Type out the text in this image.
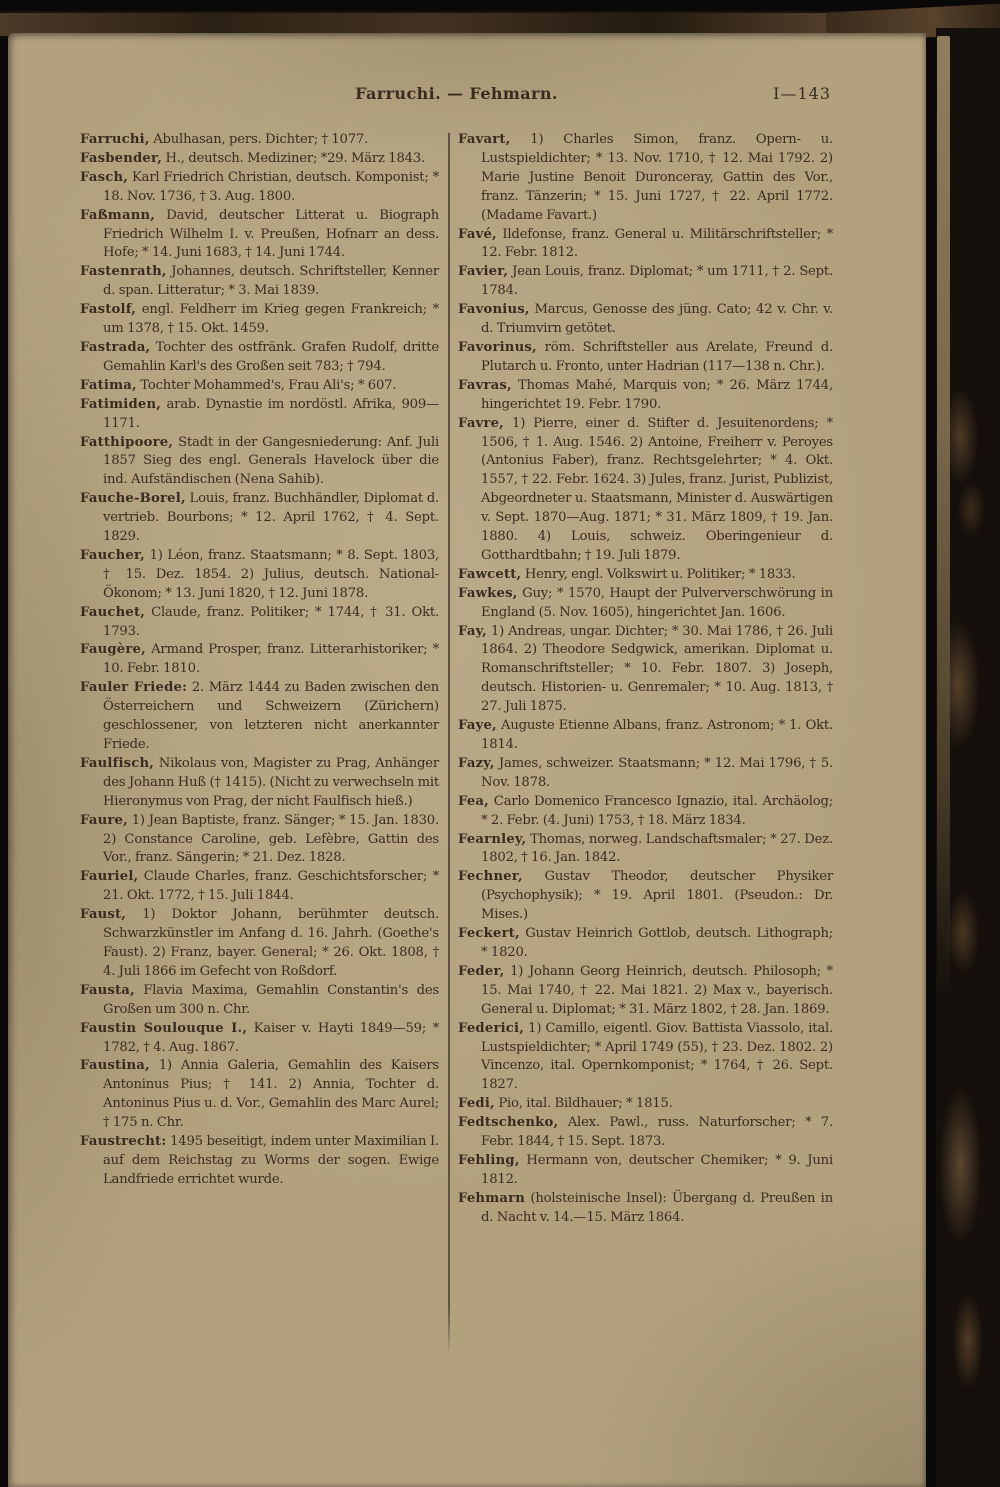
Farruchi. — Fehmarn.	I—143

Farruchi, Abulhasan, pers. Dichter; † 1077.

Fasbender, H., deutsch. Mediziner; *29. März 1843.

Fasch, Karl Friedrich Christian, deutsch. Komponist; * 18. Nov. 1736, † 3. Aug. 1800.

Faßmann, David, deutscher Litterat u. Biograph Friedrich Wilhelm I. v. Preußen, Hofnarr an dess. Hofe; * 14. Juni 1683, † 14. Juni 1744.

Fastenrath, Johannes, deutsch. Schriftsteller, Kenner d. span. Litteratur; * 3. Mai 1839.

Fastolf, engl. Feldherr im Krieg gegen Frankreich; * um 1378, † 15. Okt. 1459.

Fastrada, Tochter des ostfränk. Grafen Rudolf, dritte Gemahlin Karl's des Großen seit 783; † 794.

Fatima, Tochter Mohammed's, Frau Ali's; * 607.

Fatimiden, arab. Dynastie im nordöstl. Afrika, 909—1171.

Fatthipoore, Stadt in der Gangesniederung: Anf. Juli 1857 Sieg des engl. Generals Havelock über die ind. Aufständischen (Nena Sahib).

Fauche-Borel, Louis, franz. Buchhändler, Diplomat d. vertrieb. Bourbons; * 12. April 1762, † 4. Sept. 1829.

Faucher, 1) Léon, franz. Staatsmann; * 8. Sept. 1803, † 15. Dez. 1854. 2) Julius, deutsch. National-Ökonom; * 13. Juni 1820, † 12. Juni 1878.

Fauchet, Claude, franz. Politiker; * 1744, † 31. Okt. 1793.

Faugère, Armand Prosper, franz. Litterarhistoriker; * 10. Febr. 1810.

Fauler Friede: 2. März 1444 zu Baden zwischen den Österreichern und Schweizern (Zürichern) geschlossener, von letzteren nicht anerkannter Friede.

Faulfisch, Nikolaus von, Magister zu Prag, Anhänger des Johann Huß († 1415). (Nicht zu verwechseln mit Hieronymus von Prag, der nicht Faulfisch hieß.)

Faure, 1) Jean Baptiste, franz. Sänger; * 15. Jan. 1830. 2) Constance Caroline, geb. Lefèbre, Gattin des Vor., franz. Sängerin; * 21. Dez. 1828.

Fauriel, Claude Charles, franz. Geschichtsforscher; * 21. Okt. 1772, † 15. Juli 1844.

Faust, 1) Doktor Johann, berühmter deutsch. Schwarzkünstler im Anfang d. 16. Jahrh. (Goethe's Faust). 2) Franz, bayer. General; * 26. Okt. 1808, † 4. Juli 1866 im Gefecht von Roßdorf.

Fausta, Flavia Maxima, Gemahlin Constantin's des Großen um 300 n. Chr.

Faustin Soulouque I., Kaiser v. Hayti 1849—59; * 1782, † 4. Aug. 1867.

Faustina, 1) Annia Galeria, Gemahlin des Kaisers Antoninus Pius; † 141. 2) Annia, Tochter d. Antoninus Pius u. d. Vor., Gemahlin des Marc Aurel; † 175 n. Chr.

Faustrecht: 1495 beseitigt, indem unter Maximilian I. auf dem Reichstag zu Worms der sogen. Ewige Landfriede errichtet wurde.

Favart, 1) Charles Simon, franz. Opern- u. Lustspieldichter; * 13. Nov. 1710, † 12. Mai 1792. 2) Marie Justine Benoit Duronceray, Gattin des Vor., franz. Tänzerin; * 15. Juni 1727, † 22. April 1772. (Madame Favart.)

Favé, Ildefonse, franz. General u. Militärschriftsteller; * 12. Febr. 1812.

Favier, Jean Louis, franz. Diplomat; * um 1711, † 2. Sept. 1784.

Favonius, Marcus, Genosse des jüng. Cato; 42 v. Chr. v. d. Triumvirn getötet.

Favorinus, röm. Schriftsteller aus Arelate, Freund d. Plutarch u. Fronto, unter Hadrian (117—138 n. Chr.).

Favras, Thomas Mahé, Marquis von; * 26. März 1744, hingerichtet 19. Febr. 1790.

Favre, 1) Pierre, einer d. Stifter d. Jesuitenordens; * 1506, † 1. Aug. 1546. 2) Antoine, Freiherr v. Peroyes (Antonius Faber), franz. Rechtsgelehrter; * 4. Okt. 1557, † 22. Febr. 1624. 3) Jules, franz. Jurist, Publizist, Abgeordneter u. Staatsmann, Minister d. Auswärtigen v. Sept. 1870—Aug. 1871; * 31. März 1809, † 19. Jan. 1880. 4) Louis, schweiz. Oberingenieur d. Gotthardtbahn; † 19. Juli 1879.

Fawcett, Henry, engl. Volkswirt u. Politiker; * 1833.

Fawkes, Guy; * 1570, Haupt der Pulververschwörung in England (5. Nov. 1605), hingerichtet Jan. 1606.

Fay, 1) Andreas, ungar. Dichter; * 30. Mai 1786, † 26. Juli 1864. 2) Theodore Sedgwick, amerikan. Diplomat u. Romanschriftsteller; * 10. Febr. 1807. 3) Joseph, deutsch. Historien- u. Genremaler; * 10. Aug. 1813, † 27. Juli 1875.

Faye, Auguste Etienne Albans, franz. Astronom; * 1. Okt. 1814.

Fazy, James, schweizer. Staatsmann; * 12. Mai 1796, † 5. Nov. 1878.

Fea, Carlo Domenico Francesco Ignazio, ital. Archäolog; * 2. Febr. (4. Juni) 1753, † 18. März 1834.

Fearnley, Thomas, norweg. Landschaftsmaler; * 27. Dez. 1802, † 16. Jan. 1842.

Fechner, Gustav Theodor, deutscher Physiker (Psychophysik); * 19. April 1801. (Pseudon.: Dr. Mises.)

Feckert, Gustav Heinrich Gottlob, deutsch. Lithograph; * 1820.

Feder, 1) Johann Georg Heinrich, deutsch. Philosoph; * 15. Mai 1740, † 22. Mai 1821. 2) Max v., bayerisch. General u. Diplomat; * 31. März 1802, † 28. Jan. 1869.

Federici, 1) Camillo, eigentl. Giov. Battista Viassolo, ital. Lustspieldichter; * April 1749 (55), † 23. Dez. 1802. 2) Vincenzo, ital. Opernkomponist; * 1764, † 26. Sept. 1827.

Fedi, Pio, ital. Bildhauer; * 1815.

Fedtschenko, Alex. Pawl., russ. Naturforscher; * 7. Febr. 1844, † 15. Sept. 1873.

Fehling, Hermann von, deutscher Chemiker; * 9. Juni 1812.

Fehmarn (holsteinische Insel): Übergang d. Preußen in d. Nacht v. 14.—15. März 1864.
